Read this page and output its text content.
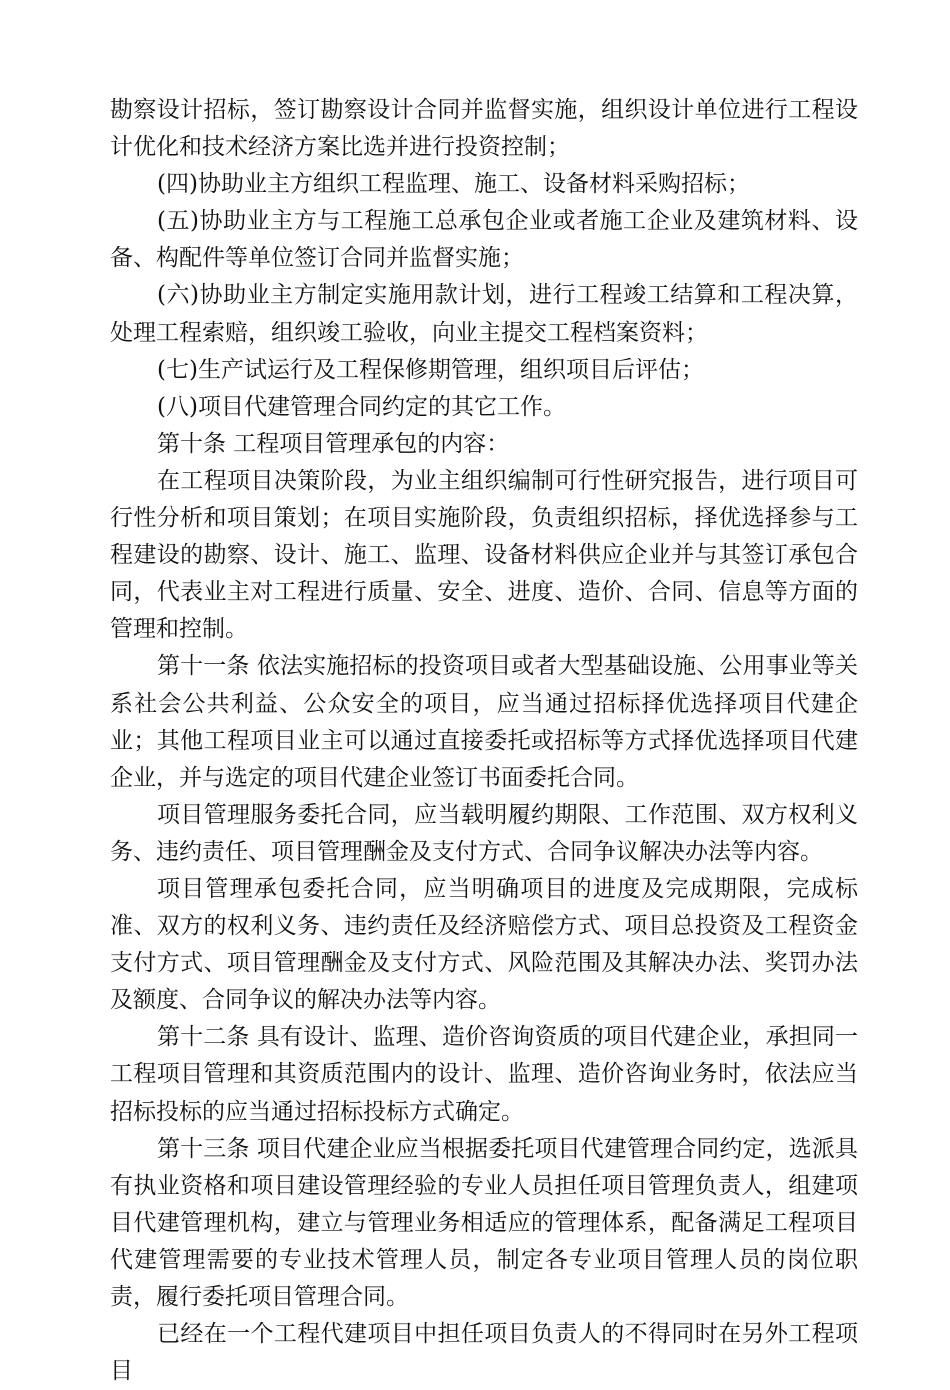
勘察设计招标，签订勘察设计合同并监督实施，组织设计单位进行工程设计优化和技术经济方案比选并进行投资控制；

(四)协助业主方组织工程监理、施工、设备材料采购招标；

(五)协助业主方与工程施工总承包企业或者施工企业及建筑材料、设备、构配件等单位签订合同并监督实施；

(六)协助业主方制定实施用款计划，进行工程竣工结算和工程决算，处理工程索赔，组织竣工验收，向业主提交工程档案资料；

(七)生产试运行及工程保修期管理，组织项目后评估；

(八)项目代建管理合同约定的其它工作。

第十条 工程项目管理承包的内容：

在工程项目决策阶段，为业主组织编制可行性研究报告，进行项目可行性分析和项目策划；在项目实施阶段，负责组织招标，择优选择参与工程建设的勘察、设计、施工、监理、设备材料供应企业并与其签订承包合同，代表业主对工程进行质量、安全、进度、造价、合同、信息等方面的管理和控制。

第十一条 依法实施招标的投资项目或者大型基础设施、公用事业等关系社会公共利益、公众安全的项目，应当通过招标择优选择项目代建企业；其他工程项目业主可以通过直接委托或招标等方式择优选择项目代建企业，并与选定的项目代建企业签订书面委托合同。

项目管理服务委托合同，应当载明履约期限、工作范围、双方权利义务、违约责任、项目管理酬金及支付方式、合同争议解决办法等内容。

项目管理承包委托合同，应当明确项目的进度及完成期限，完成标准、双方的权利义务、违约责任及经济赔偿方式、项目总投资及工程资金支付方式、项目管理酬金及支付方式、风险范围及其解决办法、奖罚办法及额度、合同争议的解决办法等内容。

第十二条 具有设计、监理、造价咨询资质的项目代建企业，承担同一工程项目管理和其资质范围内的设计、监理、造价咨询业务时，依法应当招标投标的应当通过招标投标方式确定。

第十三条 项目代建企业应当根据委托项目代建管理合同约定，选派具有执业资格和项目建设管理经验的专业人员担任项目管理负责人，组建项目代建管理机构，建立与管理业务相适应的管理体系，配备满足工程项目代建管理需要的专业技术管理人员，制定各专业项目管理人员的岗位职责，履行委托项目管理合同。

已经在一个工程代建项目中担任项目负责人的不得同时在另外工程项目
